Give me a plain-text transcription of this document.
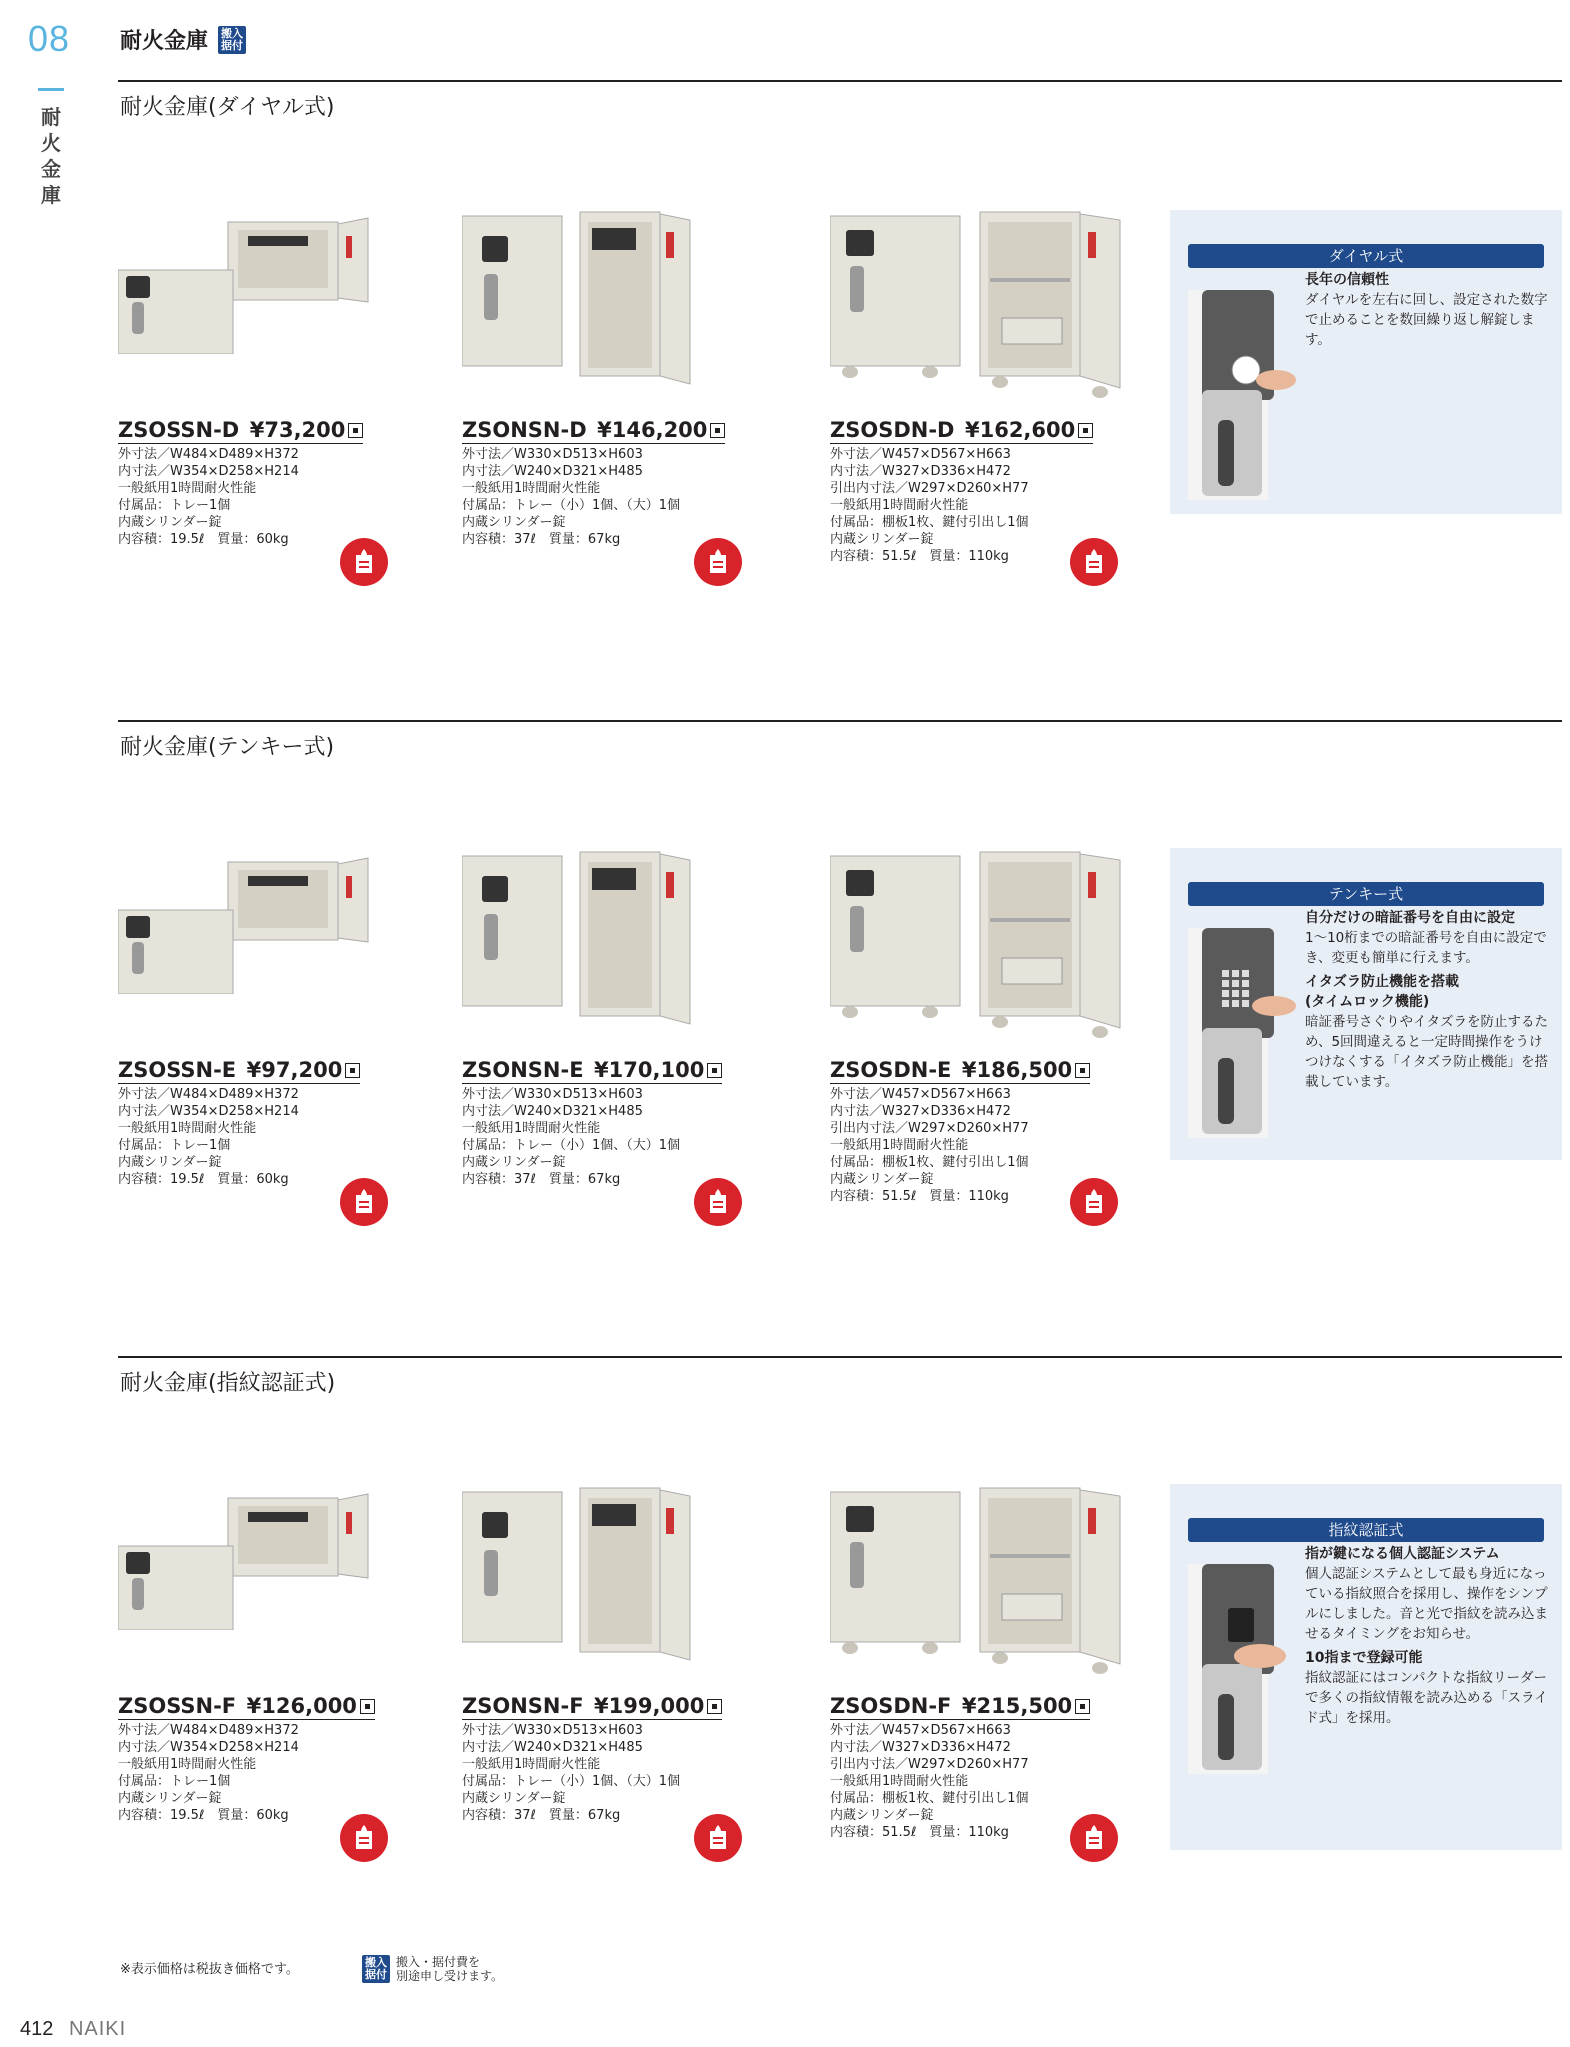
08
耐
火
金
庫
耐火金庫 搬入
据付
耐火金庫(ダイヤル式)
ZSOSSN-D  ¥73,200
外寸法／W484×D489×H372
内寸法／W354×D258×H214
一般紙用1時間耐火性能
付属品：トレー1個
内蔵シリンダー錠
内容積：19.5ℓ　質量：60kg
ZSONSN-D  ¥146,200
外寸法／W330×D513×H603
内寸法／W240×D321×H485
一般紙用1時間耐火性能
付属品：トレー（小）1個、（大）1個
内蔵シリンダー錠
内容積：37ℓ　質量：67kg
ZSOSDN-D  ¥162,600
外寸法／W457×D567×H663
内寸法／W327×D336×H472
引出内寸法／W297×D260×H77
一般紙用1時間耐火性能
付属品：棚板1枚、鍵付引出し1個
内蔵シリンダー錠
内容積：51.5ℓ　質量：110kg
ダイヤル式
長年の信頼性
ダイヤルを左右に回し、設定された数字で止めることを数回繰り返し解錠します。
耐火金庫(テンキー式)
ZSOSSN-E  ¥97,200
外寸法／W484×D489×H372
内寸法／W354×D258×H214
一般紙用1時間耐火性能
付属品：トレー1個
内蔵シリンダー錠
内容積：19.5ℓ　質量：60kg
ZSONSN-E  ¥170,100
外寸法／W330×D513×H603
内寸法／W240×D321×H485
一般紙用1時間耐火性能
付属品：トレー（小）1個、（大）1個
内蔵シリンダー錠
内容積：37ℓ　質量：67kg
ZSOSDN-E  ¥186,500
外寸法／W457×D567×H663
内寸法／W327×D336×H472
引出内寸法／W297×D260×H77
一般紙用1時間耐火性能
付属品：棚板1枚、鍵付引出し1個
内蔵シリンダー錠
内容積：51.5ℓ　質量：110kg
テンキー式
自分だけの暗証番号を自由に設定
1～10桁までの暗証番号を自由に設定でき、変更も簡単に行えます。
イタズラ防止機能を搭載
(タイムロック機能)
暗証番号さぐりやイタズラを防止するため、5回間違えると一定時間操作をうけつけなくする「イタズラ防止機能」を搭載しています。
耐火金庫(指紋認証式)
ZSOSSN-F  ¥126,000
外寸法／W484×D489×H372
内寸法／W354×D258×H214
一般紙用1時間耐火性能
付属品：トレー1個
内蔵シリンダー錠
内容積：19.5ℓ　質量：60kg
ZSONSN-F  ¥199,000
外寸法／W330×D513×H603
内寸法／W240×D321×H485
一般紙用1時間耐火性能
付属品：トレー（小）1個、（大）1個
内蔵シリンダー錠
内容積：37ℓ　質量：67kg
ZSOSDN-F  ¥215,500
外寸法／W457×D567×H663
内寸法／W327×D336×H472
引出内寸法／W297×D260×H77
一般紙用1時間耐火性能
付属品：棚板1枚、鍵付引出し1個
内蔵シリンダー錠
内容積：51.5ℓ　質量：110kg
指紋認証式
指が鍵になる個人認証システム
個人認証システムとして最も身近になっている指紋照合を採用し、操作をシンプルにしました。音と光で指紋を読み込ませるタイミングをお知らせ。
10指まで登録可能
指紋認証にはコンパクトな指紋リーダーで多くの指紋情報を読み込める「スライド式」を採用。
※表示価格は税抜き価格です。	搬入
据付
搬入・据付費を
別途申し受けます。
412 NAIKI
